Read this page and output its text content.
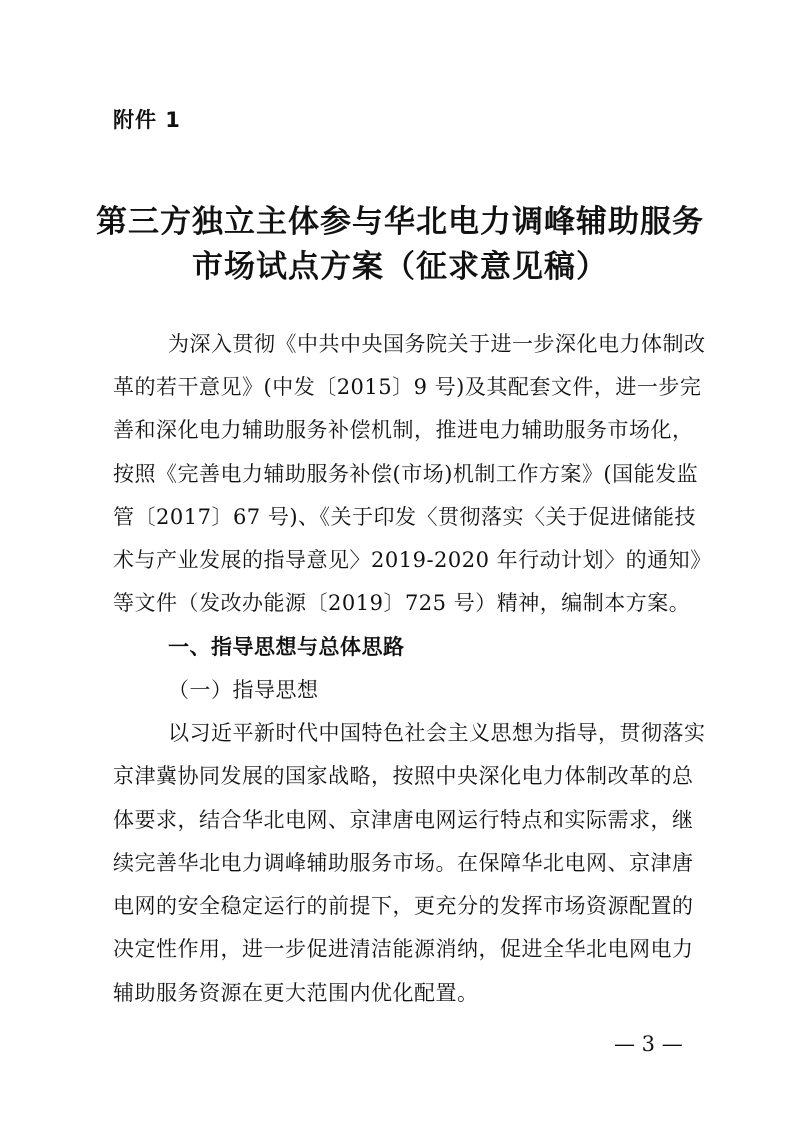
附件 1
第三方独立主体参与华北电力调峰辅助服务
市场试点方案（征求意见稿）
为深入贯彻《中共中央国务院关于进一步深化电力体制改
革的若干意见》(中发〔2015〕9 号)及其配套文件，进一步完
善和深化电力辅助服务补偿机制，推进电力辅助服务市场化，
按照《完善电力辅助服务补偿(市场)机制工作方案》(国能发监
管〔2017〕67 号)、《关于印发〈贯彻落实〈关于促进储能技
术与产业发展的指导意见〉2019-2020 年行动计划〉的通知》
等文件（发改办能源〔2019〕725 号）精神，编制本方案。
一、指导思想与总体思路
（一）指导思想
以习近平新时代中国特色社会主义思想为指导，贯彻落实
京津冀协同发展的国家战略，按照中央深化电力体制改革的总
体要求，结合华北电网、京津唐电网运行特点和实际需求，继
续完善华北电力调峰辅助服务市场。在保障华北电网、京津唐
电网的安全稳定运行的前提下，更充分的发挥市场资源配置的
决定性作用，进一步促进清洁能源消纳，促进全华北电网电力
辅助服务资源在更大范围内优化配置。
— 3 —
